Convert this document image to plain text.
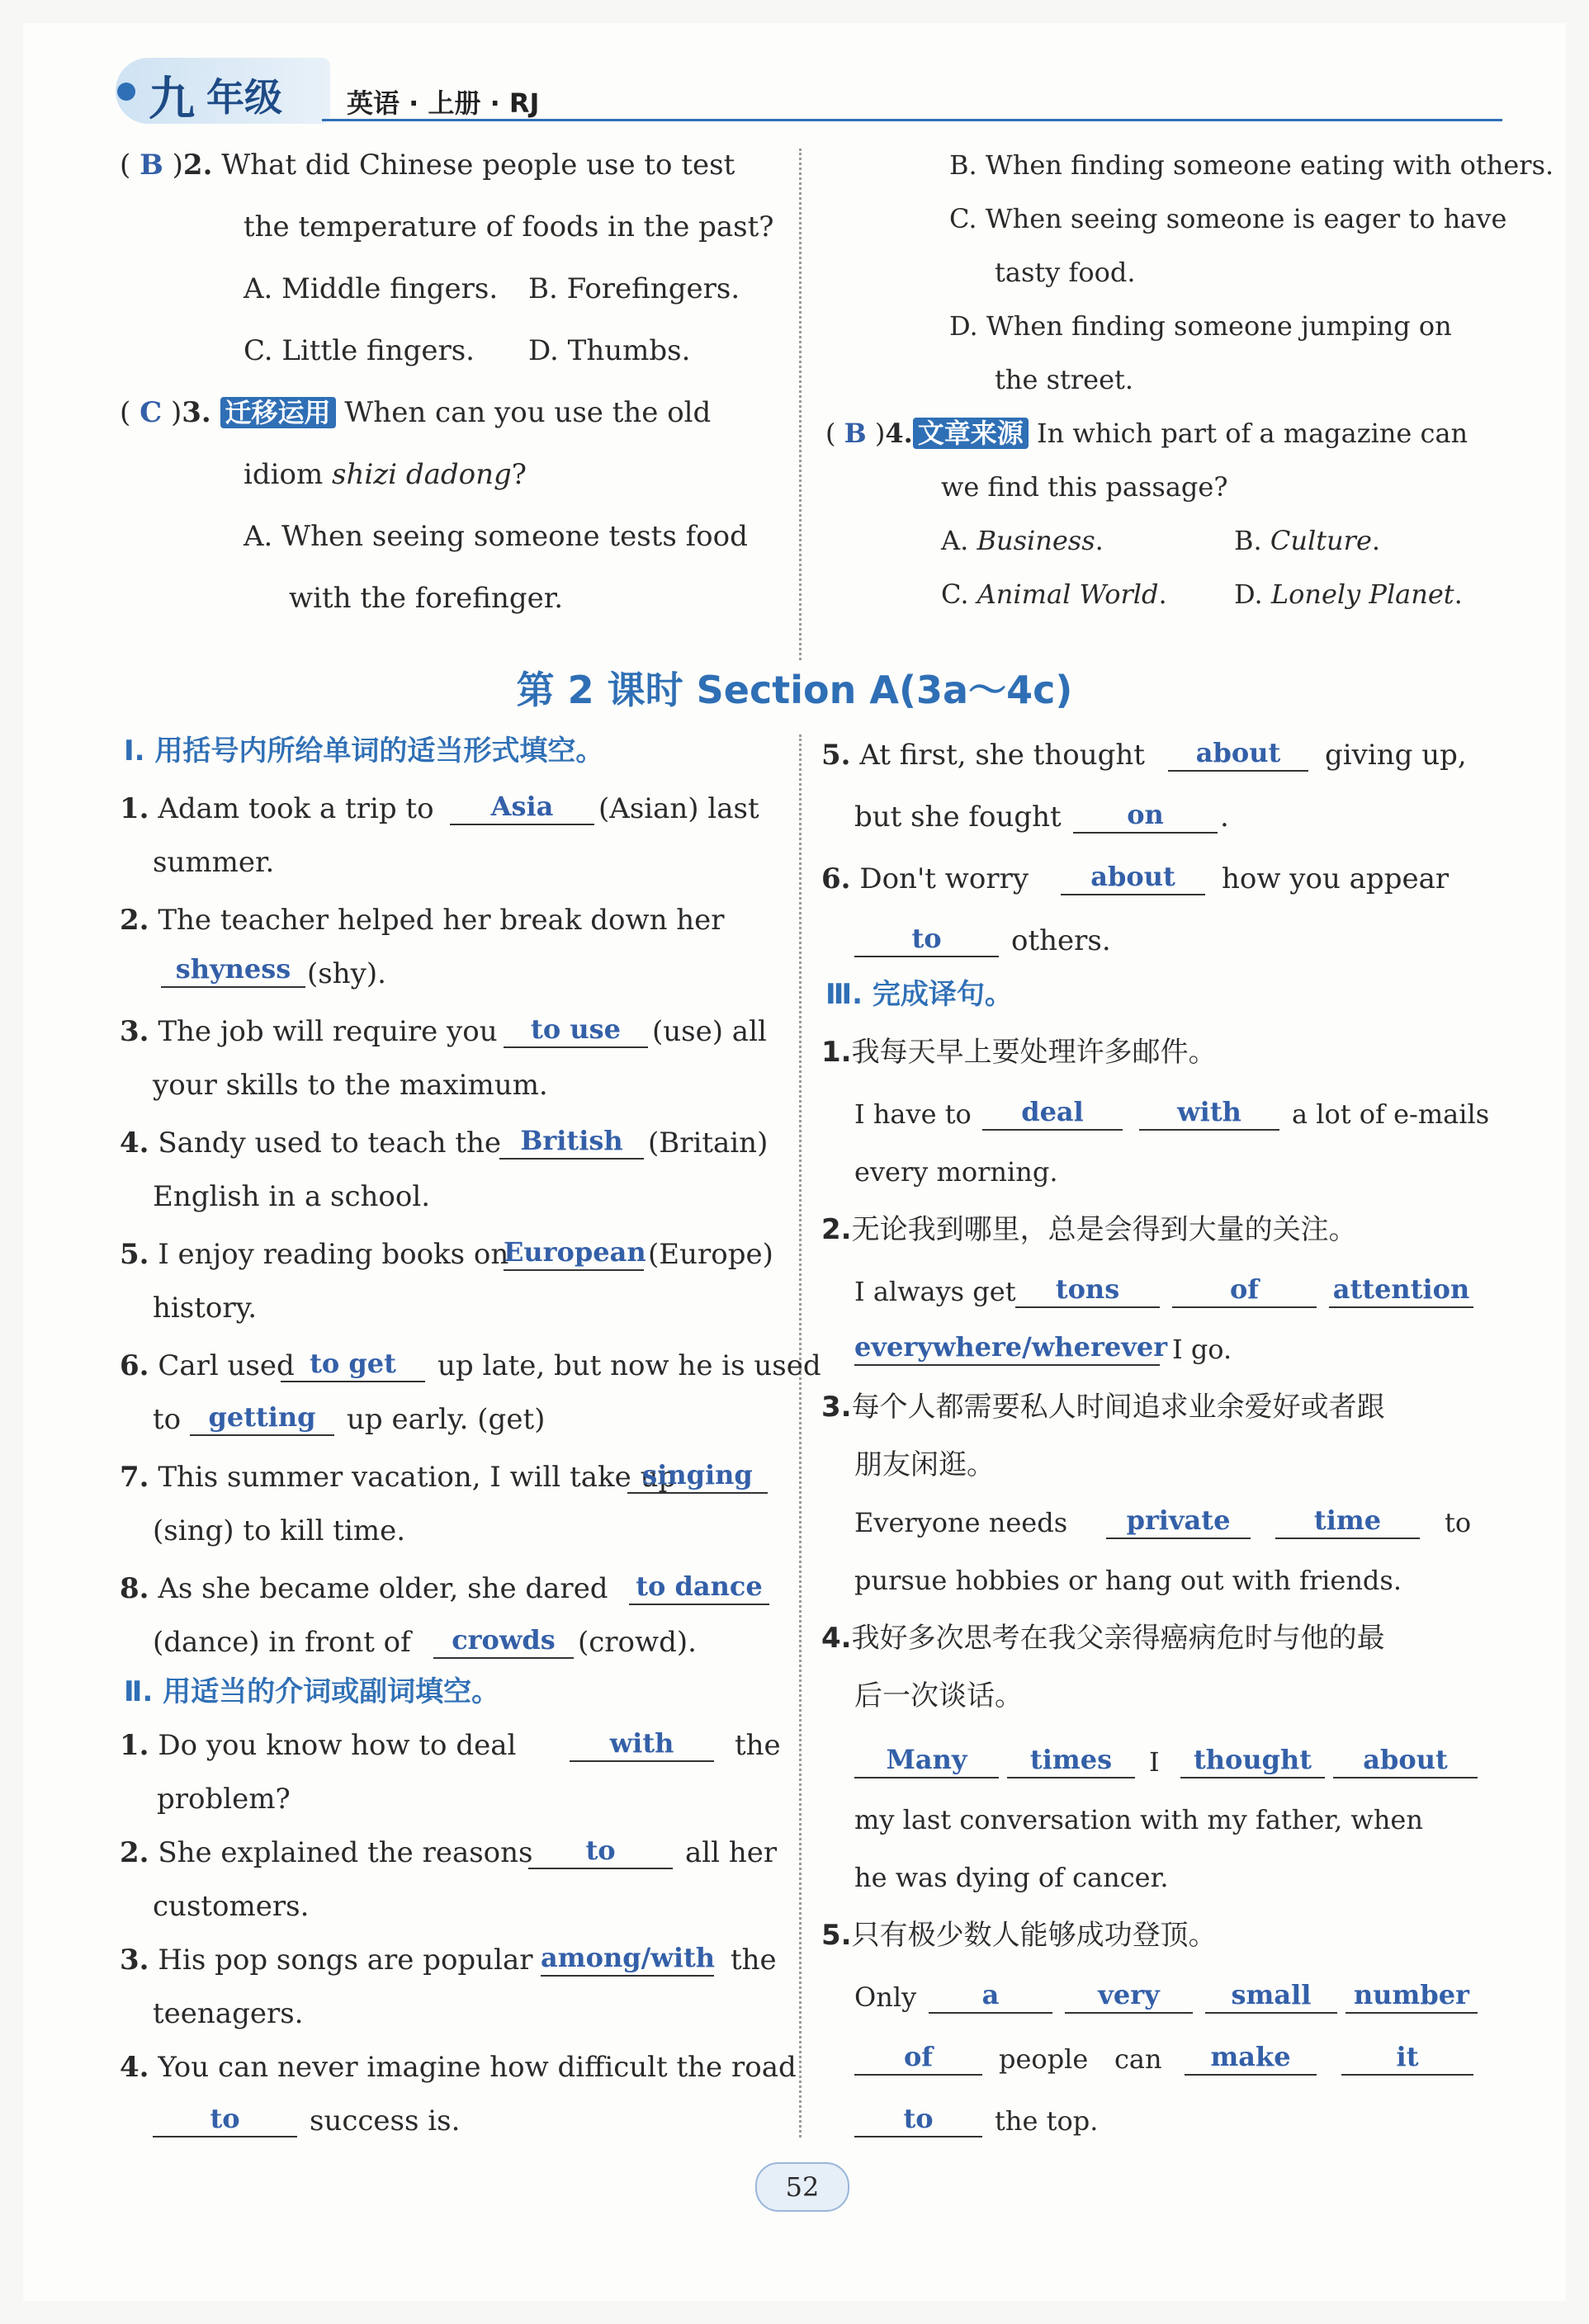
九 年级 英语 · 上册 · RJ
( B )2. What did Chinese people use to test
the temperature of foods in the past?
A. Middle fingers. B. Forefingers.
C. Little fingers. D. Thumbs.
( C )3. 迁移运用 When can you use the old
idiom shizi dadong?
A. When seeing someone tests food
with the forefinger.
B. When finding someone eating with others.
C. When seeing someone is eager to have
tasty food.
D. When finding someone jumping on
the street.
( B )4. 文章来源 In which part of a magazine can
we find this passage?
A. Business.	B. Culture.
C. Animal World.	D. Lonely Planet.
第 2 课时 Section A(3a～4c)
Ⅰ. 用括号内所给单词的适当形式填空。
1. Adam took a trip to	Asia	(Asian) last
summer.
2. The teacher helped her break down her
shyness (shy).
3. The job will require you	to use	(use) all
your skills to the maximum.
4. Sandy used to teach the British (Britain)
English in a school.
5. I enjoy reading books on
European (Europe)
history.
6. Carl used to get	up late, but now he is used
to	getting	up early. (get)
7. This summer vacation, I will take up
singing
(sing) to kill time.
8. As she became older, she dared to dance
(dance) in front of	crowds (crowd).
Ⅱ. 用适当的介词或副词填空。
1. Do you know how to deal	with	the
problem?
2. She explained the reasons	to	all her
customers.
3. His pop songs are popular among/with the
teenagers.
4. You can never imagine how difficult the road
to	success is.
5. At first, she thought	about	giving up,
but she fought	on	.
6. Don't worry	about	how you appear
to	others.
Ⅲ. 完成译句。
1.我每天早上要处理许多邮件。
I have to	deal	with	a lot of e-mails
every morning.
2.无论我到哪里，总是会得到大量的关注。
I always get	tons	of	attention
everywhere/wherever I go.
3.每个人都需要私人时间追求业余爱好或者跟
朋友闲逛。
Everyone needs	private	time	to
pursue hobbies or hang out with friends.
4.我好多次思考在我父亲得癌病危时与他的最
后一次谈话。
Many	times	I	thought	about
my last conversation with my father, when
he was dying of cancer.
5.只有极少数人能够成功登顶。
Only	a	very	small	number
of	people can	make	it
to	the top.
52
